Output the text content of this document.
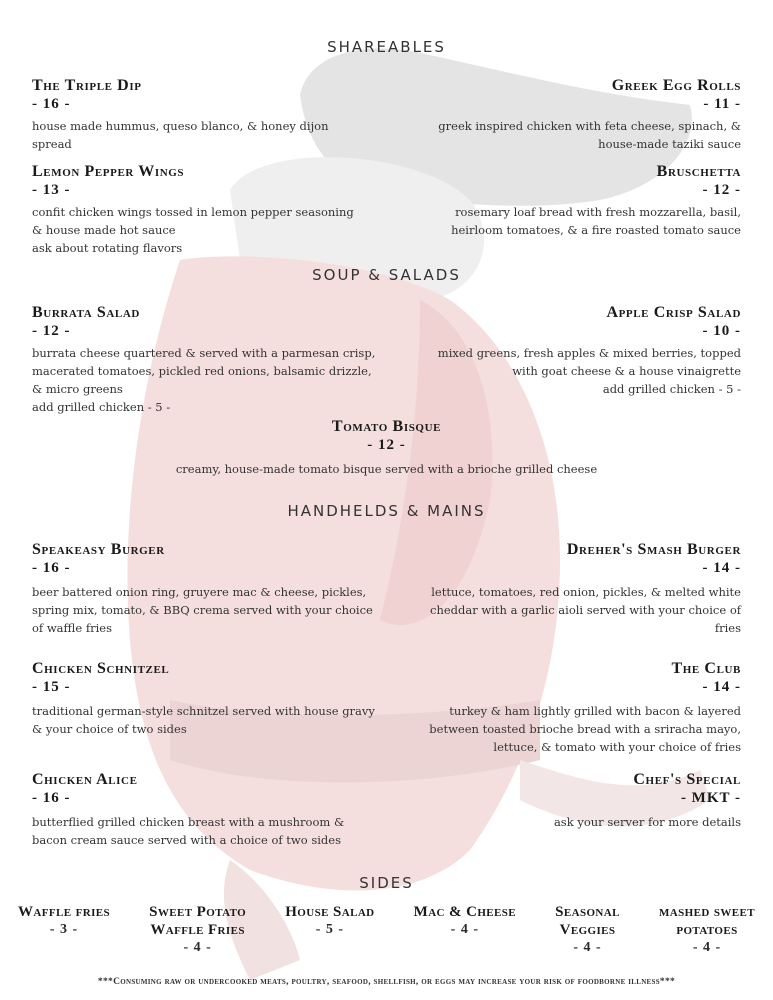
SHAREABLES
The Triple Dip
- 16 -
house made hummus, queso blanco, & honey dijon
spread
Greek Egg Rolls
- 11 -
greek inspired chicken with feta cheese, spinach, &
house-made taziki sauce
Lemon Pepper Wings
- 13 -
confit chicken wings tossed in lemon pepper seasoning
& house made hot sauce
ask about rotating flavors
Bruschetta
- 12 -
rosemary loaf bread with fresh mozzarella, basil,
heirloom tomatoes, & a fire roasted tomato sauce
SOUP & SALADS
Burrata Salad
- 12 -
burrata cheese quartered & served with a parmesan crisp,
macerated tomatoes, pickled red onions, balsamic drizzle,
& micro greens
add grilled chicken - 5 -
Apple Crisp Salad
- 10 -
mixed greens, fresh apples & mixed berries, topped
with goat cheese & a house vinaigrette
add grilled chicken - 5 -
Tomato Bisque
- 12 -
creamy, house-made tomato bisque served with a brioche grilled cheese
HANDHELDS & MAINS
Speakeasy Burger
- 16 -
beer battered onion ring, gruyere mac & cheese, pickles,
spring mix, tomato, & BBQ crema served with your choice
of waffle fries
Dreher's Smash Burger
- 14 -
lettuce, tomatoes, red onion, pickles, & melted white
cheddar with a garlic aioli served with your choice of
fries
Chicken Schnitzel
- 15 -
traditional german-style schnitzel served with house gravy
& your choice of two sides
The Club
- 14 -
turkey & ham lightly grilled with bacon & layered
between toasted brioche bread with a sriracha mayo,
lettuce, & tomato with your choice of fries
Chicken Alice
- 16 -
butterflied grilled chicken breast with a mushroom &
bacon cream sauce served with a choice of two sides
Chef's Special
- MKT -
ask your server for more details
SIDES
Waffle fries
- 3 -
Sweet Potato
Waffle Fries
- 4 -
House Salad
- 5 -
Mac & Cheese
- 4 -
Seasonal
Veggies
- 4 -
mashed sweet
potatoes
- 4 -
***Consuming raw or undercooked meats, poultry, seafood, shellfish, or eggs may increase your risk of foodborne illness***
